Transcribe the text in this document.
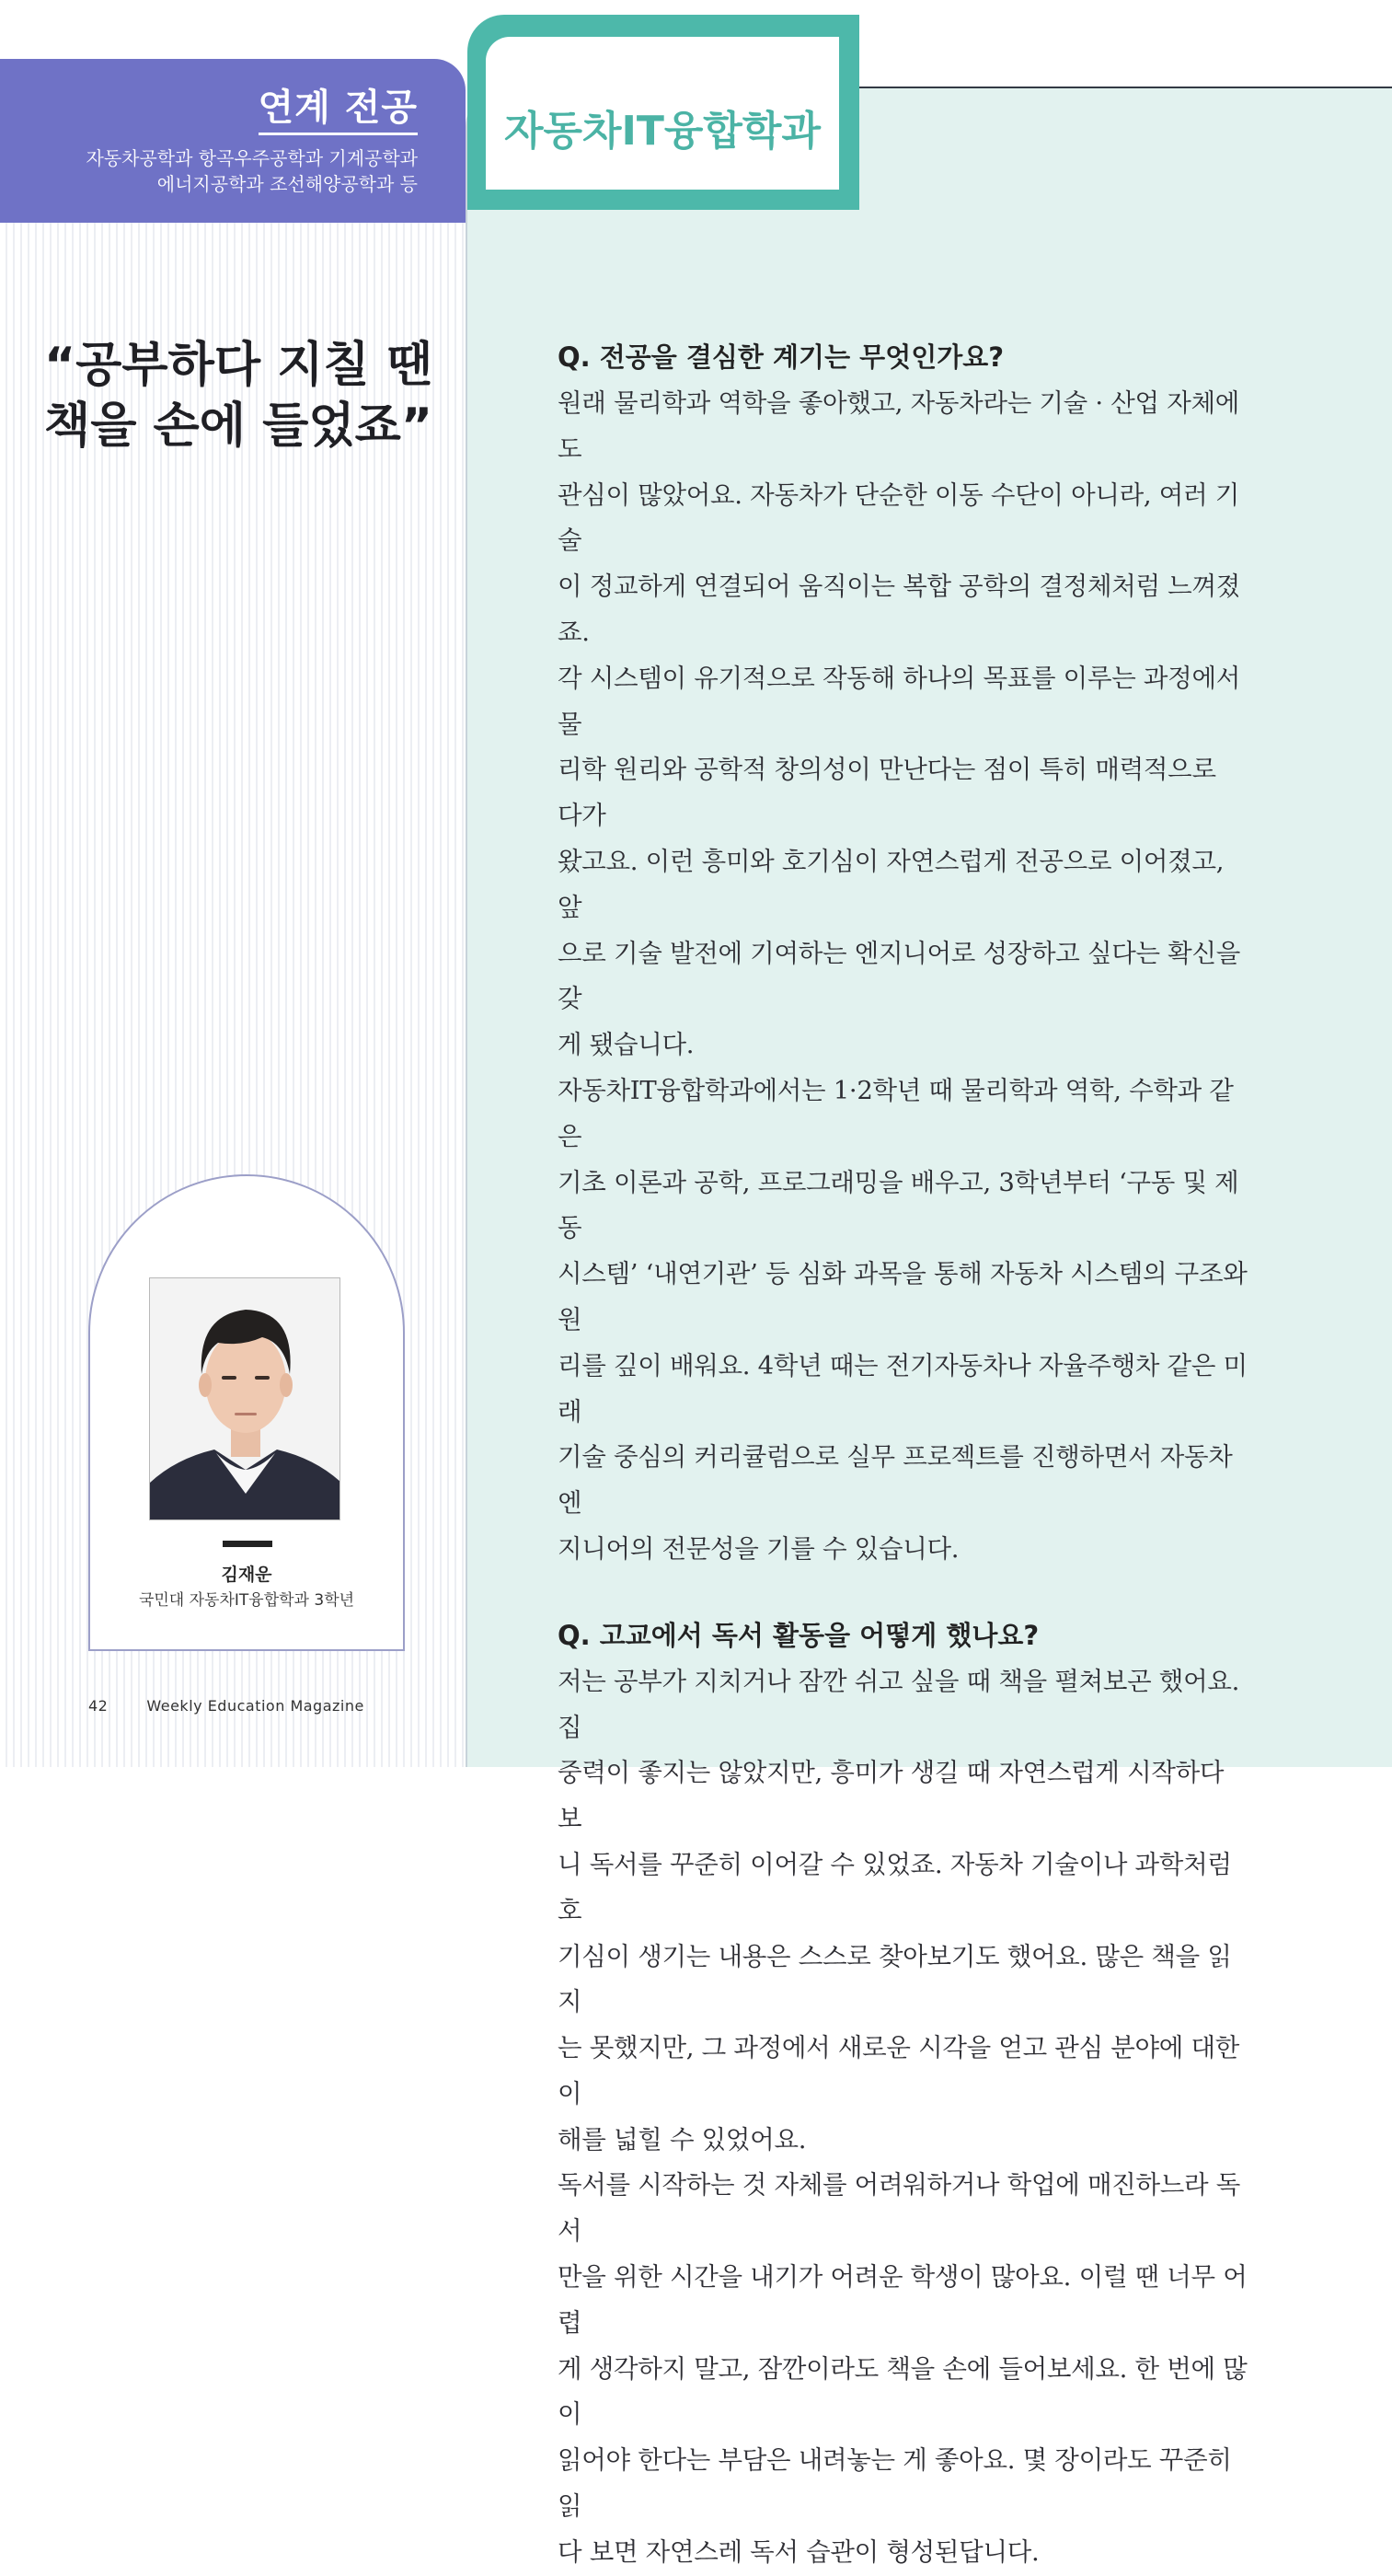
연계 전공
자동차공학과 항곡우주공학과 기계공학과
에너지공학과 조선해양공학과 등
자동차IT융합학과
“공부하다 지칠 땐
책을 손에 들었죠”
김재운
국민대 자동차IT융합학과 3학년
42	Weekly Education Magazine
Q. 전공을 결심한 계기는 무엇인가요?
원래 물리학과 역학을 좋아했고, 자동차라는 기술 · 산업 자체에도
관심이 많았어요. 자동차가 단순한 이동 수단이 아니라, 여러 기술
이 정교하게 연결되어 움직이는 복합 공학의 결정체처럼 느껴졌죠.
각 시스템이 유기적으로 작동해 하나의 목표를 이루는 과정에서 물
리학 원리와 공학적 창의성이 만난다는 점이 특히 매력적으로 다가
왔고요. 이런 흥미와 호기심이 자연스럽게 전공으로 이어졌고, 앞
으로 기술 발전에 기여하는 엔지니어로 성장하고 싶다는 확신을 갖
게 됐습니다.
자동차IT융합학과에서는 1·2학년 때 물리학과 역학, 수학과 같은
기초 이론과 공학, 프로그래밍을 배우고, 3학년부터 ‘구동 및 제동
시스템’ ‘내연기관’ 등 심화 과목을 통해 자동차 시스템의 구조와 원
리를 깊이 배워요. 4학년 때는 전기자동차나 자율주행차 같은 미래
기술 중심의 커리큘럼으로 실무 프로젝트를 진행하면서 자동차 엔
지니어의 전문성을 기를 수 있습니다.
Q. 고교에서 독서 활동을 어떻게 했나요?
저는 공부가 지치거나 잠깐 쉬고 싶을 때 책을 펼쳐보곤 했어요. 집
중력이 좋지는 않았지만, 흥미가 생길 때 자연스럽게 시작하다 보
니 독서를 꾸준히 이어갈 수 있었죠. 자동차 기술이나 과학처럼 호
기심이 생기는 내용은 스스로 찾아보기도 했어요. 많은 책을 읽지
는 못했지만, 그 과정에서 새로운 시각을 얻고 관심 분야에 대한 이
해를 넓힐 수 있었어요.
독서를 시작하는 것 자체를 어려워하거나 학업에 매진하느라 독서
만을 위한 시간을 내기가 어려운 학생이 많아요. 이럴 땐 너무 어렵
게 생각하지 말고, 잠깐이라도 책을 손에 들어보세요. 한 번에 많이
읽어야 한다는 부담은 내려놓는 게 좋아요. 몇 장이라도 꾸준히 읽
다 보면 자연스레 독서 습관이 형성된답니다.
